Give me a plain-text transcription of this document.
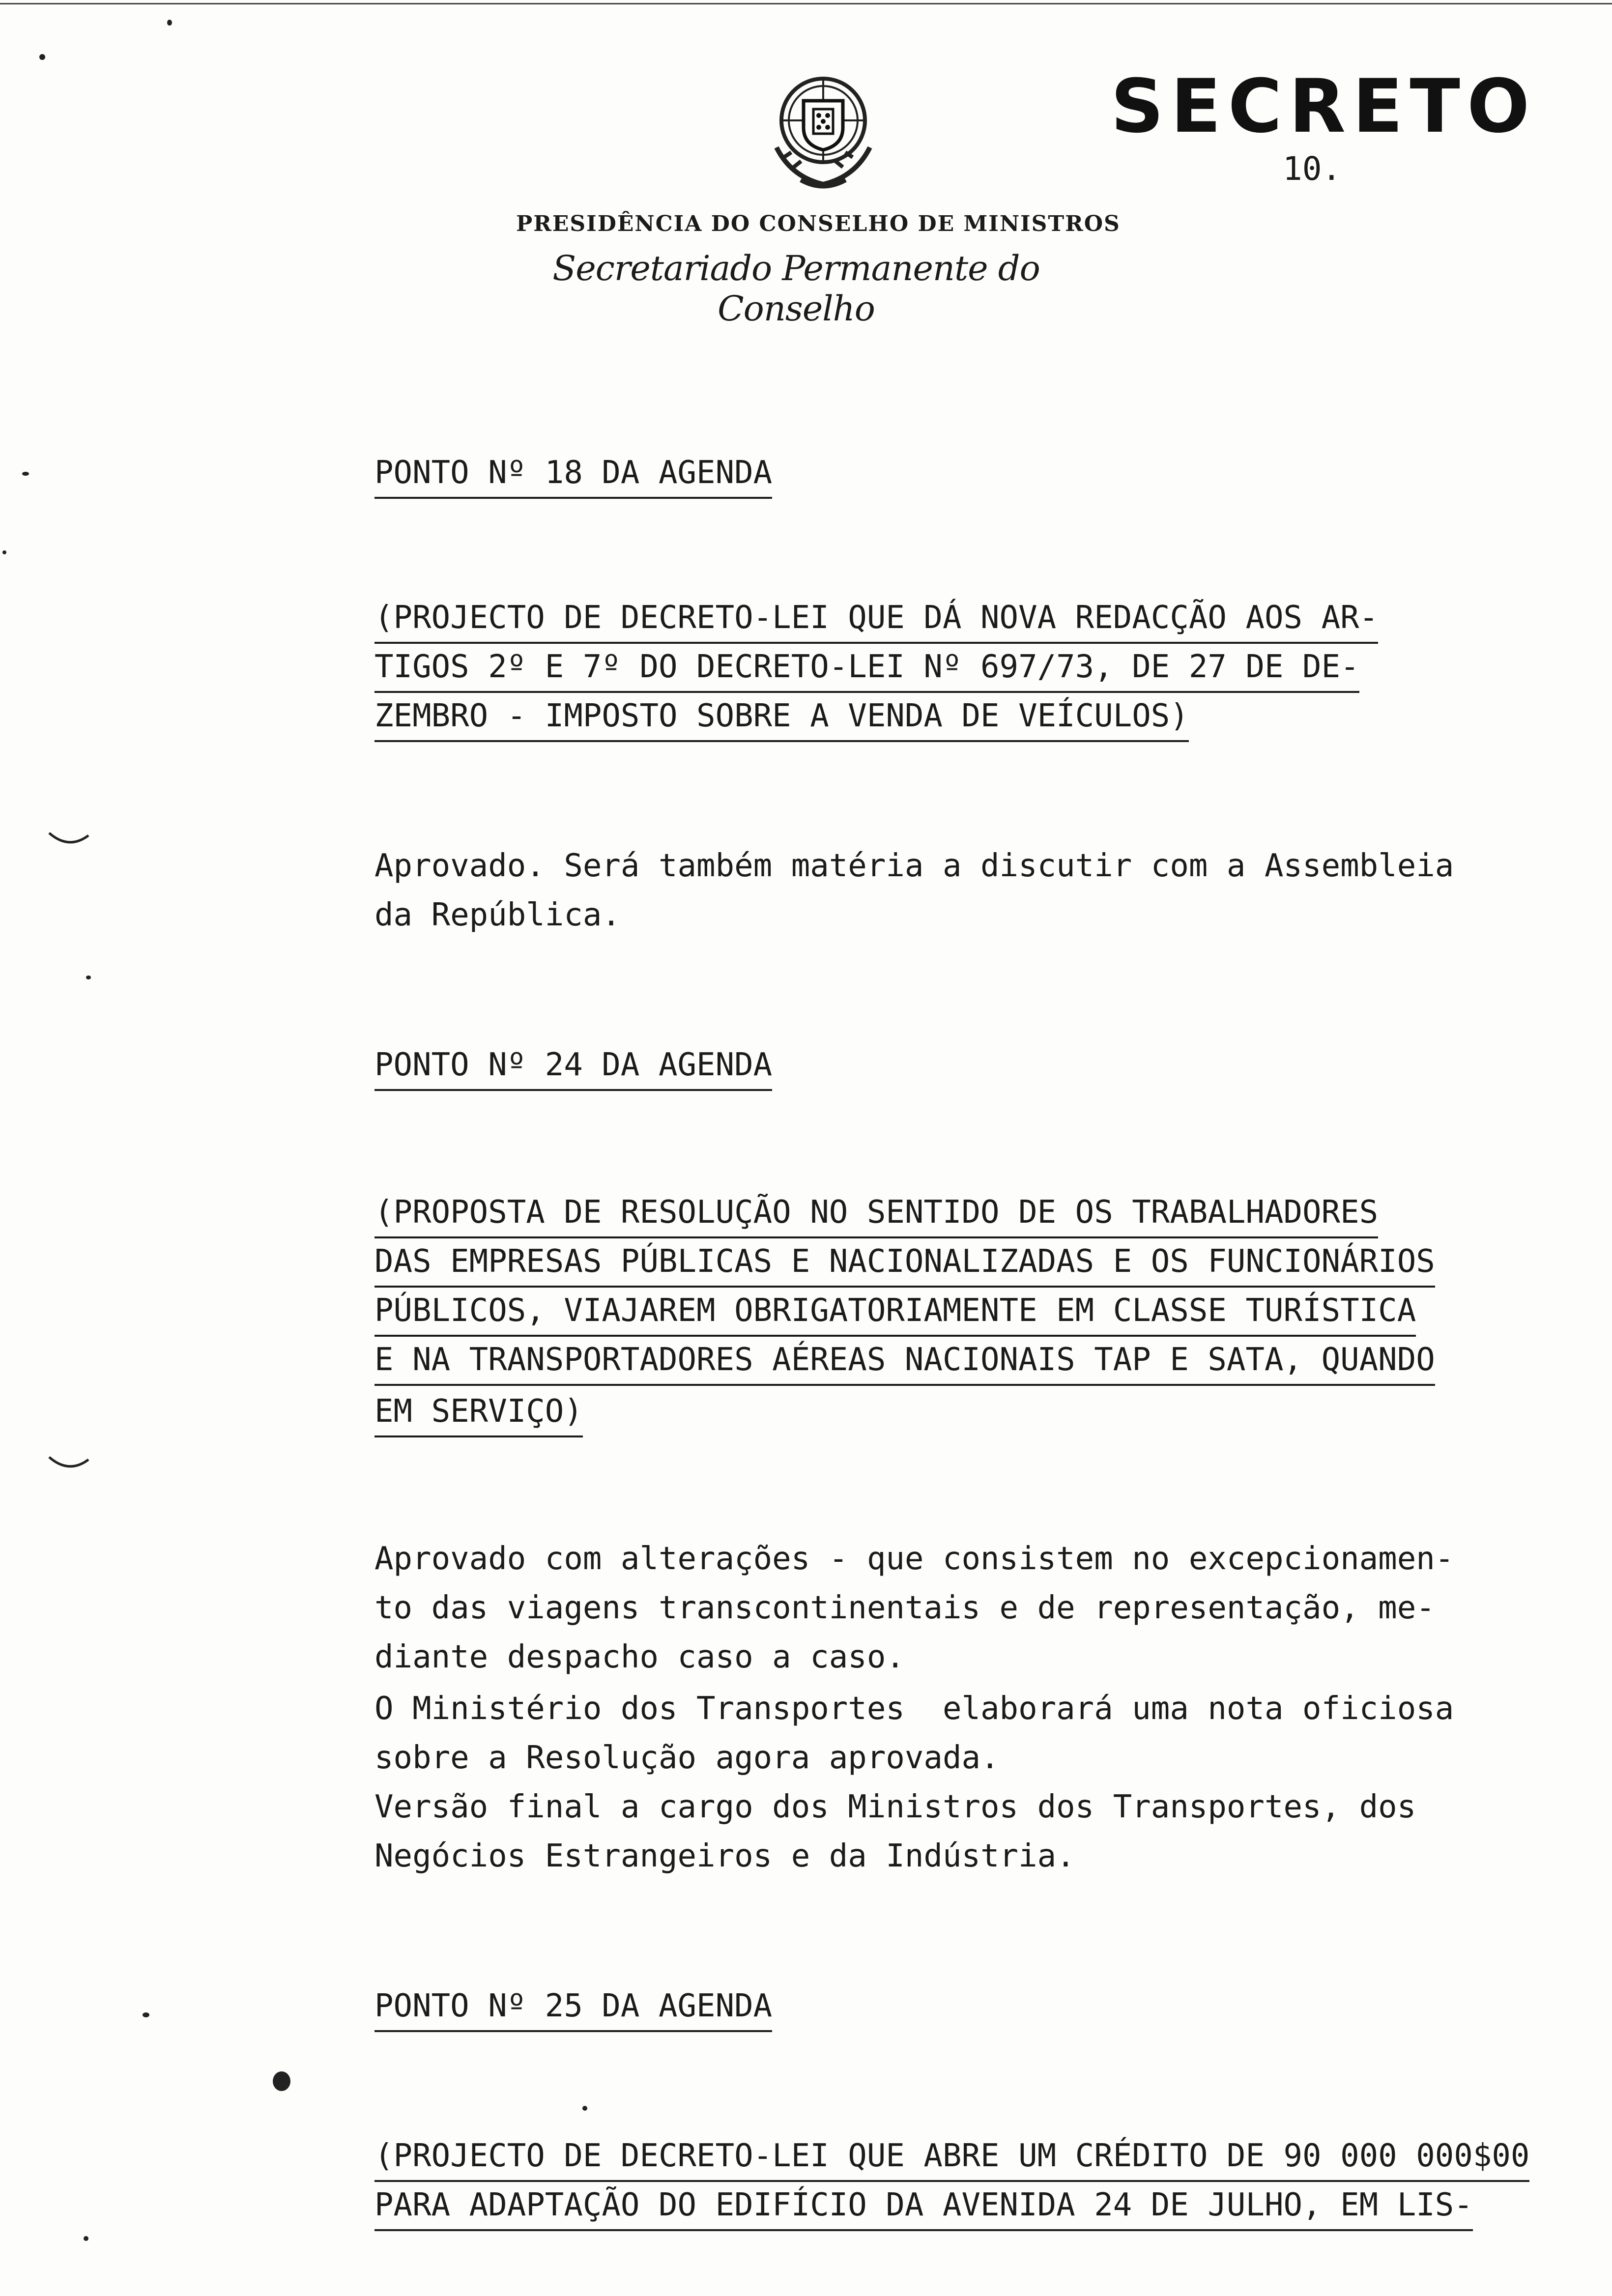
SECRETO
10.
PRESIDÊNCIA DO CONSELHO DE MINISTROS
Secretariado Permanente do Conselho
PONTO Nº 18 DA AGENDA
(PROJECTO DE DECRETO-LEI QUE DÁ NOVA REDACÇÃO AOS AR-
TIGOS 2º E 7º DO DECRETO-LEI Nº 697/73, DE 27 DE DE-
ZEMBRO - IMPOSTO SOBRE A VENDA DE VEÍCULOS)
Aprovado. Será também matéria a discutir com a Assembleia
da República.
PONTO Nº 24 DA AGENDA
(PROPOSTA DE RESOLUÇÃO NO SENTIDO DE OS TRABALHADORES
DAS EMPRESAS PÚBLICAS E NACIONALIZADAS E OS FUNCIONÁRIOS
PÚBLICOS, VIAJAREM OBRIGATORIAMENTE EM CLASSE TURÍSTICA
E NA TRANSPORTADORES AÉREAS NACIONAIS TAP E SATA, QUANDO
EM SERVIÇO)
Aprovado com alterações - que consistem no excepcionamen-
to das viagens transcontinentais e de representação, me-
diante despacho caso a caso.
O Ministério dos Transportes  elaborará uma nota oficiosa
sobre a Resolução agora aprovada.
Versão final a cargo dos Ministros dos Transportes, dos
Negócios Estrangeiros e da Indústria.
PONTO Nº 25 DA AGENDA
(PROJECTO DE DECRETO-LEI QUE ABRE UM CRÉDITO DE 90 000 000$00
PARA ADAPTAÇÃO DO EDIFÍCIO DA AVENIDA 24 DE JULHO, EM LIS-
